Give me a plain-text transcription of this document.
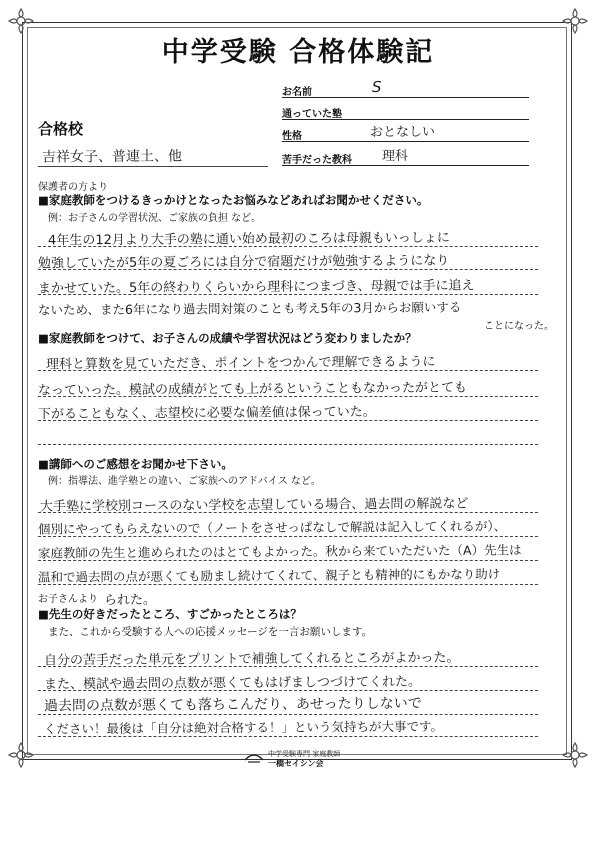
中学受験 合格体験記
お名前	S
通っていた塾
性格	おとなしい
苦手だった教科 理科
合格校
吉祥女子、普連土、他
保護者の方より
■家庭教師をつけるきっかけとなったお悩みなどあればお聞かせください。
例：お子さんの学習状況、ご家族の負担 など。
4年生の12月より大手の塾に通い始め最初のころは母親もいっしょに
勉強していたが5年の夏ごろには自分で宿題だけが勉強するようになり
まかせていた。5年の終わりくらいから理科につまづき、母親では手に追え
ないため、また6年になり過去問対策のことも考え5年の3月からお願いする
ことになった。
■家庭教師をつけて、お子さんの成績や学習状況はどう変わりましたか？
理科と算数を見ていただき、ポイントをつかんで理解できるように
なっていった。模試の成績がとても上がるということもなかったがとても
下がることもなく、志望校に必要な偏差値は保っていた。
■講師へのご感想をお聞かせ下さい。
例：指導法、進学塾との違い、ご家族へのアドバイス など。
大手塾に学校別コースのない学校を志望している場合、過去問の解説など
個別にやってもらえないので（ノートをさせっぱなしで解説は記入してくれるが）、
家庭教師の先生と進められたのはとてもよかった。秋から来ていただいた（A）先生は
温和で過去問の点が悪くても励まし続けてくれて、親子とも精神的にもかなり助け
お子さんより られた。
■先生の好きだったところ、すごかったところは？
また、これから受験する人への応援メッセージを一言お願いします。
自分の苦手だった単元をプリントで補強してくれるところがよかった。
また、模試や過去問の点数が悪くてもはげましつづけてくれた。
過去問の点数が悪くても落ちこんだり、あせったりしないで
ください！最後は「自分は絶対合格する！」という気持ちが大事です。
中学受験専門 家庭教師
一橋セイシン会
